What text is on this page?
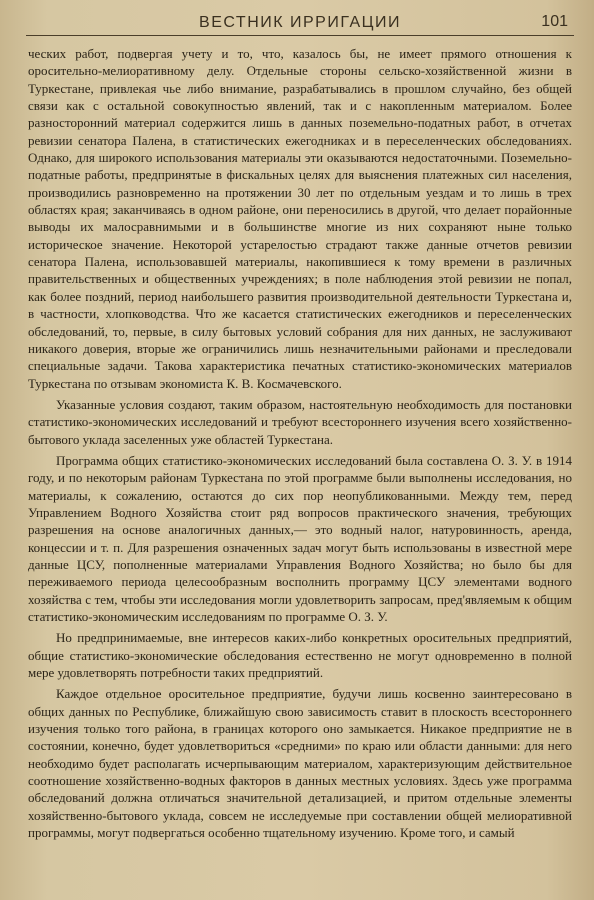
ВЕСТНИК ИРРИГАЦИИ	101

ческих работ, подвергая учету и то, что, казалось бы, не имеет прямого отношения к оросительно-мелиоративному делу. Отдельные стороны сельско-хозяйственной жизни в Туркестане, привлекая чье либо внимание, разрабатывались в прошлом случайно, без общей связи как с остальной совокупностью явлений, так и с накопленным материалом. Более разносторонний материал содержится лишь в данных поземельно-податных работ, в отчетах ревизии сенатора Палена, в статистических ежегодниках и в переселенческих обследованиях. Однако, для широкого использования материалы эти оказываются недостаточными. Поземельно-податные работы, предпринятые в фискальных целях для выяснения платежных сил населения, производились разновременно на протяжении 30 лет по отдельным уездам и то лишь в трех областях края; заканчиваясь в одном районе, они переносились в другой, что делает порайонные выводы их малосравнимыми и в большинстве многие из них сохраняют ныне только историческое значение. Некоторой устарелостью страдают также данные отчетов ревизии сенатора Палена, использовавшей материалы, накопившиеся к тому времени в различных правительственных и общественных учреждениях; в поле наблюдения этой ревизии не попал, как более поздний, период наибольшего развития производительной деятельности Туркестана и, в частности, хлопководства. Что же касается статистических ежегодников и переселенческих обследований, то, первые, в силу бытовых условий собрания для них данных, не заслуживают никакого доверия, вторые же ограничились лишь незначительными районами и преследовали специальные задачи. Такова характеристика печатных статистико-экономических материалов Туркестана по отзывам экономиста К. В. Космачевского.

Указанные условия создают, таким образом, настоятельную необходимость для постановки статистико-экономических исследований и требуют всестороннего изучения всего хозяйственно-бытового уклада заселенных уже областей Туркестана.

Программа общих статистико-экономических исследований была составлена О. З. У. в 1914 году, и по некоторым районам Туркестана по этой программе были выполнены исследования, но материалы, к сожалению, остаются до сих пор неопубликованными. Между тем, перед Управлением Водного Хозяйства стоит ряд вопросов практического значения, требующих разрешения на основе аналогичных данных,— это водный налог, натуровинность, аренда, концессии и т. п. Для разрешения означенных задач могут быть использованы в известной мере данные ЦСУ, пополненные материалами Управления Водного Хозяйства; но было бы для переживаемого периода целесообразным восполнить программу ЦСУ элементами водного хозяйства с тем, чтобы эти исследования могли удовлетворить запросам, пред'являемым к общим статистико-экономическим исследованиям по программе О. З. У.

Но предпринимаемые, вне интересов каких-либо конкретных оросительных предприятий, общие статистико-экономические обследования естественно не могут одновременно в полной мере удовлетворять потребности таких предприятий.

Каждое отдельное оросительное предприятие, будучи лишь косвенно заинтересовано в общих данных по Республике, ближайшую свою зависимость ставит в плоскость всестороннего изучения только того района, в границах которого оно замыкается. Никакое предприятие не в состоянии, конечно, будет удовлетвориться «средними» по краю или области данными: для него необходимо будет располагать исчерпывающим материалом, характеризующим действительное соотношение хозяйственно-водных факторов в данных местных условиях. Здесь уже программа обследований должна отличаться значительной детализацией, и притом отдельные элементы хозяйственно-бытового уклада, совсем не исследуемые при составлении общей мелиоративной программы, могут подвергаться особенно тщательному изучению. Кроме того, и самый
